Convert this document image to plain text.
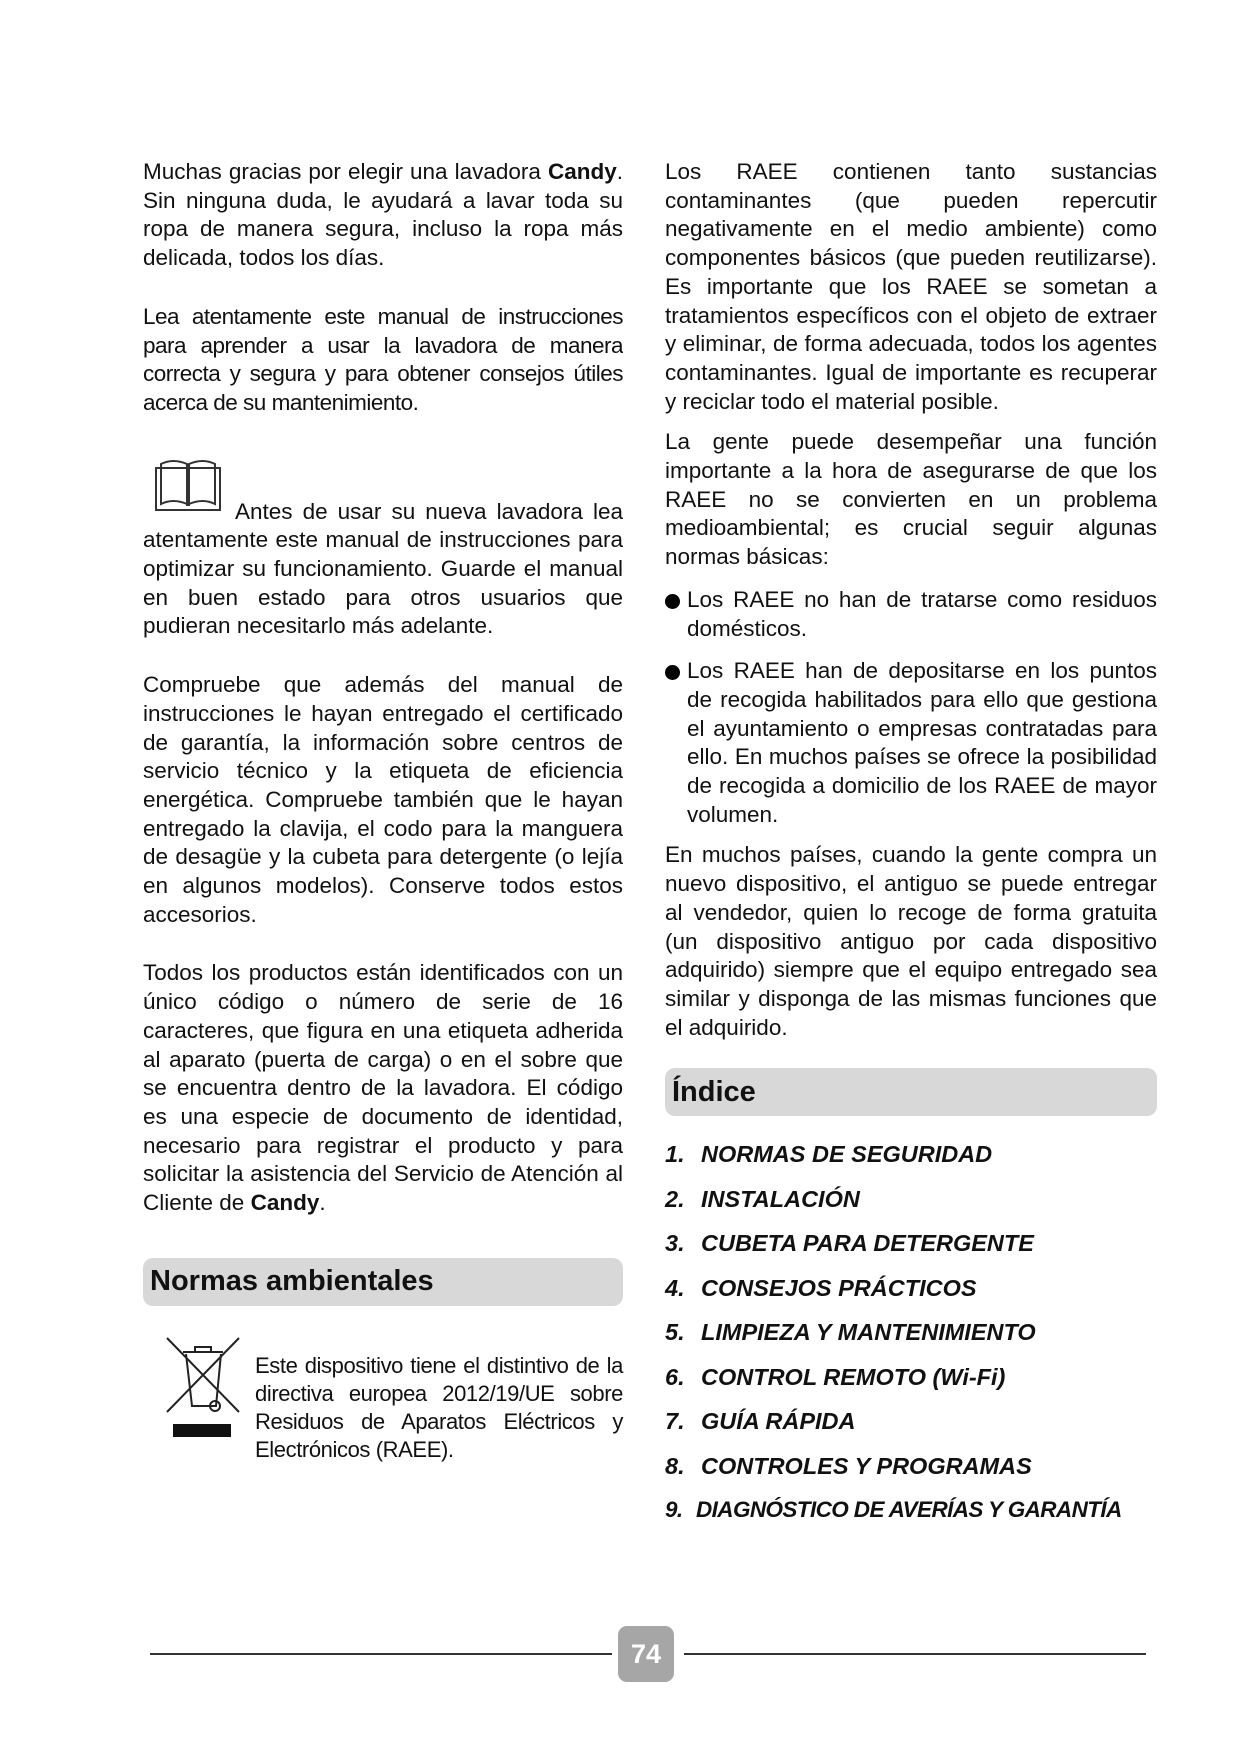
Muchas gracias por elegir una lavadora Candy. Sin ninguna duda, le ayudará a lavar toda su ropa de manera segura, incluso la ropa más delicada, todos los días.

Lea atentamente este manual de instrucciones para aprender a usar la lavadora de manera correcta y segura y para obtener consejos útiles acerca de su mantenimiento.

Antes de usar su nueva lavadora lea atentamente este manual de instrucciones para optimizar su funcionamiento. Guarde el manual en buen estado para otros usuarios que pudieran necesitarlo más adelante.

Compruebe que además del manual de instrucciones le hayan entregado el certificado de garantía, la información sobre centros de servicio técnico y la etiqueta de eficiencia energética. Compruebe también que le hayan entregado la clavija, el codo para la manguera de desagüe y la cubeta para detergente (o lejía en algunos modelos). Conserve todos estos accesorios.

Todos los productos están identificados con un único código o número de serie de 16 caracteres, que figura en una etiqueta adherida al aparato (puerta de carga) o en el sobre que se encuentra dentro de la lavadora. El código es una especie de documento de identidad, necesario para registrar el producto y para solicitar la asistencia del Servicio de Atención al Cliente de Candy.

Normas ambientales

Este dispositivo tiene el distintivo de la directiva europea 2012/19/UE sobre Residuos de Aparatos Eléctricos y Electrónicos (RAEE).

Los RAEE contienen tanto sustancias contaminantes (que pueden repercutir negativamente en el medio ambiente) como componentes básicos (que pueden reutilizarse). Es importante que los RAEE se sometan a tratamientos específicos con el objeto de extraer y eliminar, de forma adecuada, todos los agentes contaminantes. Igual de importante es recuperar y reciclar todo el material posible.

La gente puede desempeñar una función importante a la hora de asegurarse de que los RAEE no se convierten en un problema medioambiental; es crucial seguir algunas normas básicas:

Los RAEE no han de tratarse como residuos domésticos.
Los RAEE han de depositarse en los puntos de recogida habilitados para ello que gestiona el ayuntamiento o empresas contratadas para ello. En muchos países se ofrece la posibilidad de recogida a domicilio de los RAEE de mayor volumen.

En muchos países, cuando la gente compra un nuevo dispositivo, el antiguo se puede entregar al vendedor, quien lo recoge de forma gratuita (un dispositivo antiguo por cada dispositivo adquirido) siempre que el equipo entregado sea similar y disponga de las mismas funciones que el adquirido.

Índice
1. NORMAS DE SEGURIDAD
2. INSTALACIÓN
3. CUBETA PARA DETERGENTE
4. CONSEJOS PRÁCTICOS
5. LIMPIEZA Y MANTENIMIENTO
6. CONTROL REMOTO (Wi-Fi)
7. GUÍA RÁPIDA
8. CONTROLES Y PROGRAMAS
9. DIAGNÓSTICO DE AVERÍAS Y GARANTÍA
74
